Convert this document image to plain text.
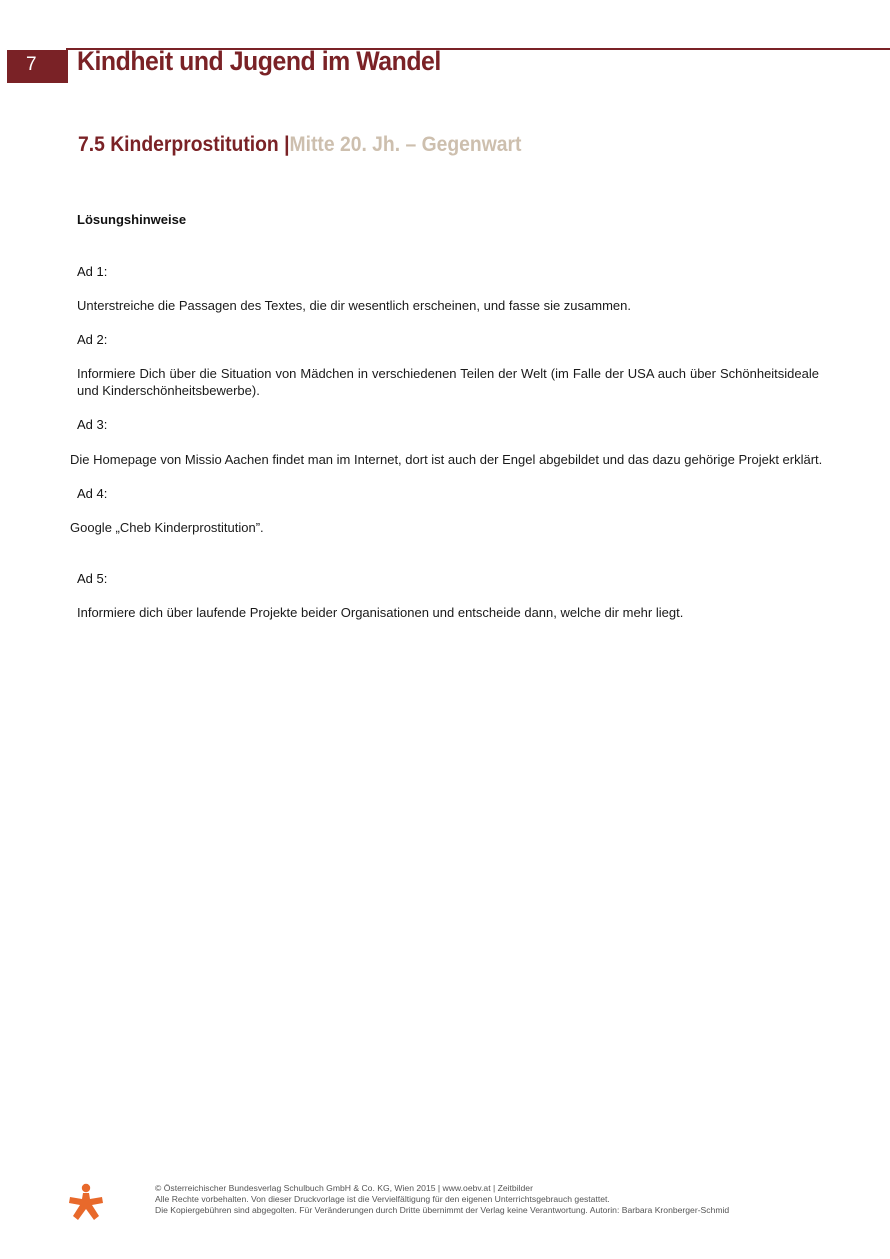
7	Kindheit und Jugend im Wandel
7.5 Kinderprostitution |Mitte 20. Jh. – Gegenwart
Lösungshinweise
Ad 1:
Unterstreiche die Passagen des Textes, die dir wesentlich erscheinen, und fasse sie zusammen.
Ad 2:
Informiere Dich über die Situation von Mädchen in verschiedenen Teilen der Welt (im Falle der USA auch über Schönheitsideale und Kinderschönheitsbewerbe).
Ad 3:
Die Homepage von Missio Aachen findet man im Internet, dort ist auch der Engel abgebildet und das dazu gehörige Projekt erklärt.
Ad 4:
Google „Cheb Kinderprostitution”.
Ad 5:
Informiere dich über laufende Projekte beider Organisationen und entscheide dann, welche dir mehr liegt.
© Österreichischer Bundesverlag Schulbuch GmbH & Co. KG, Wien 2015 | www.oebv.at | Zeitbilder
Alle Rechte vorbehalten. Von dieser Druckvorlage ist die Vervielfältigung für den eigenen Unterrichtsgebrauch gestattet.
Die Kopiergebühren sind abgegolten. Für Veränderungen durch Dritte übernimmt der Verlag keine Verantwortung. Autorin: Barbara Kronberger-Schmid
